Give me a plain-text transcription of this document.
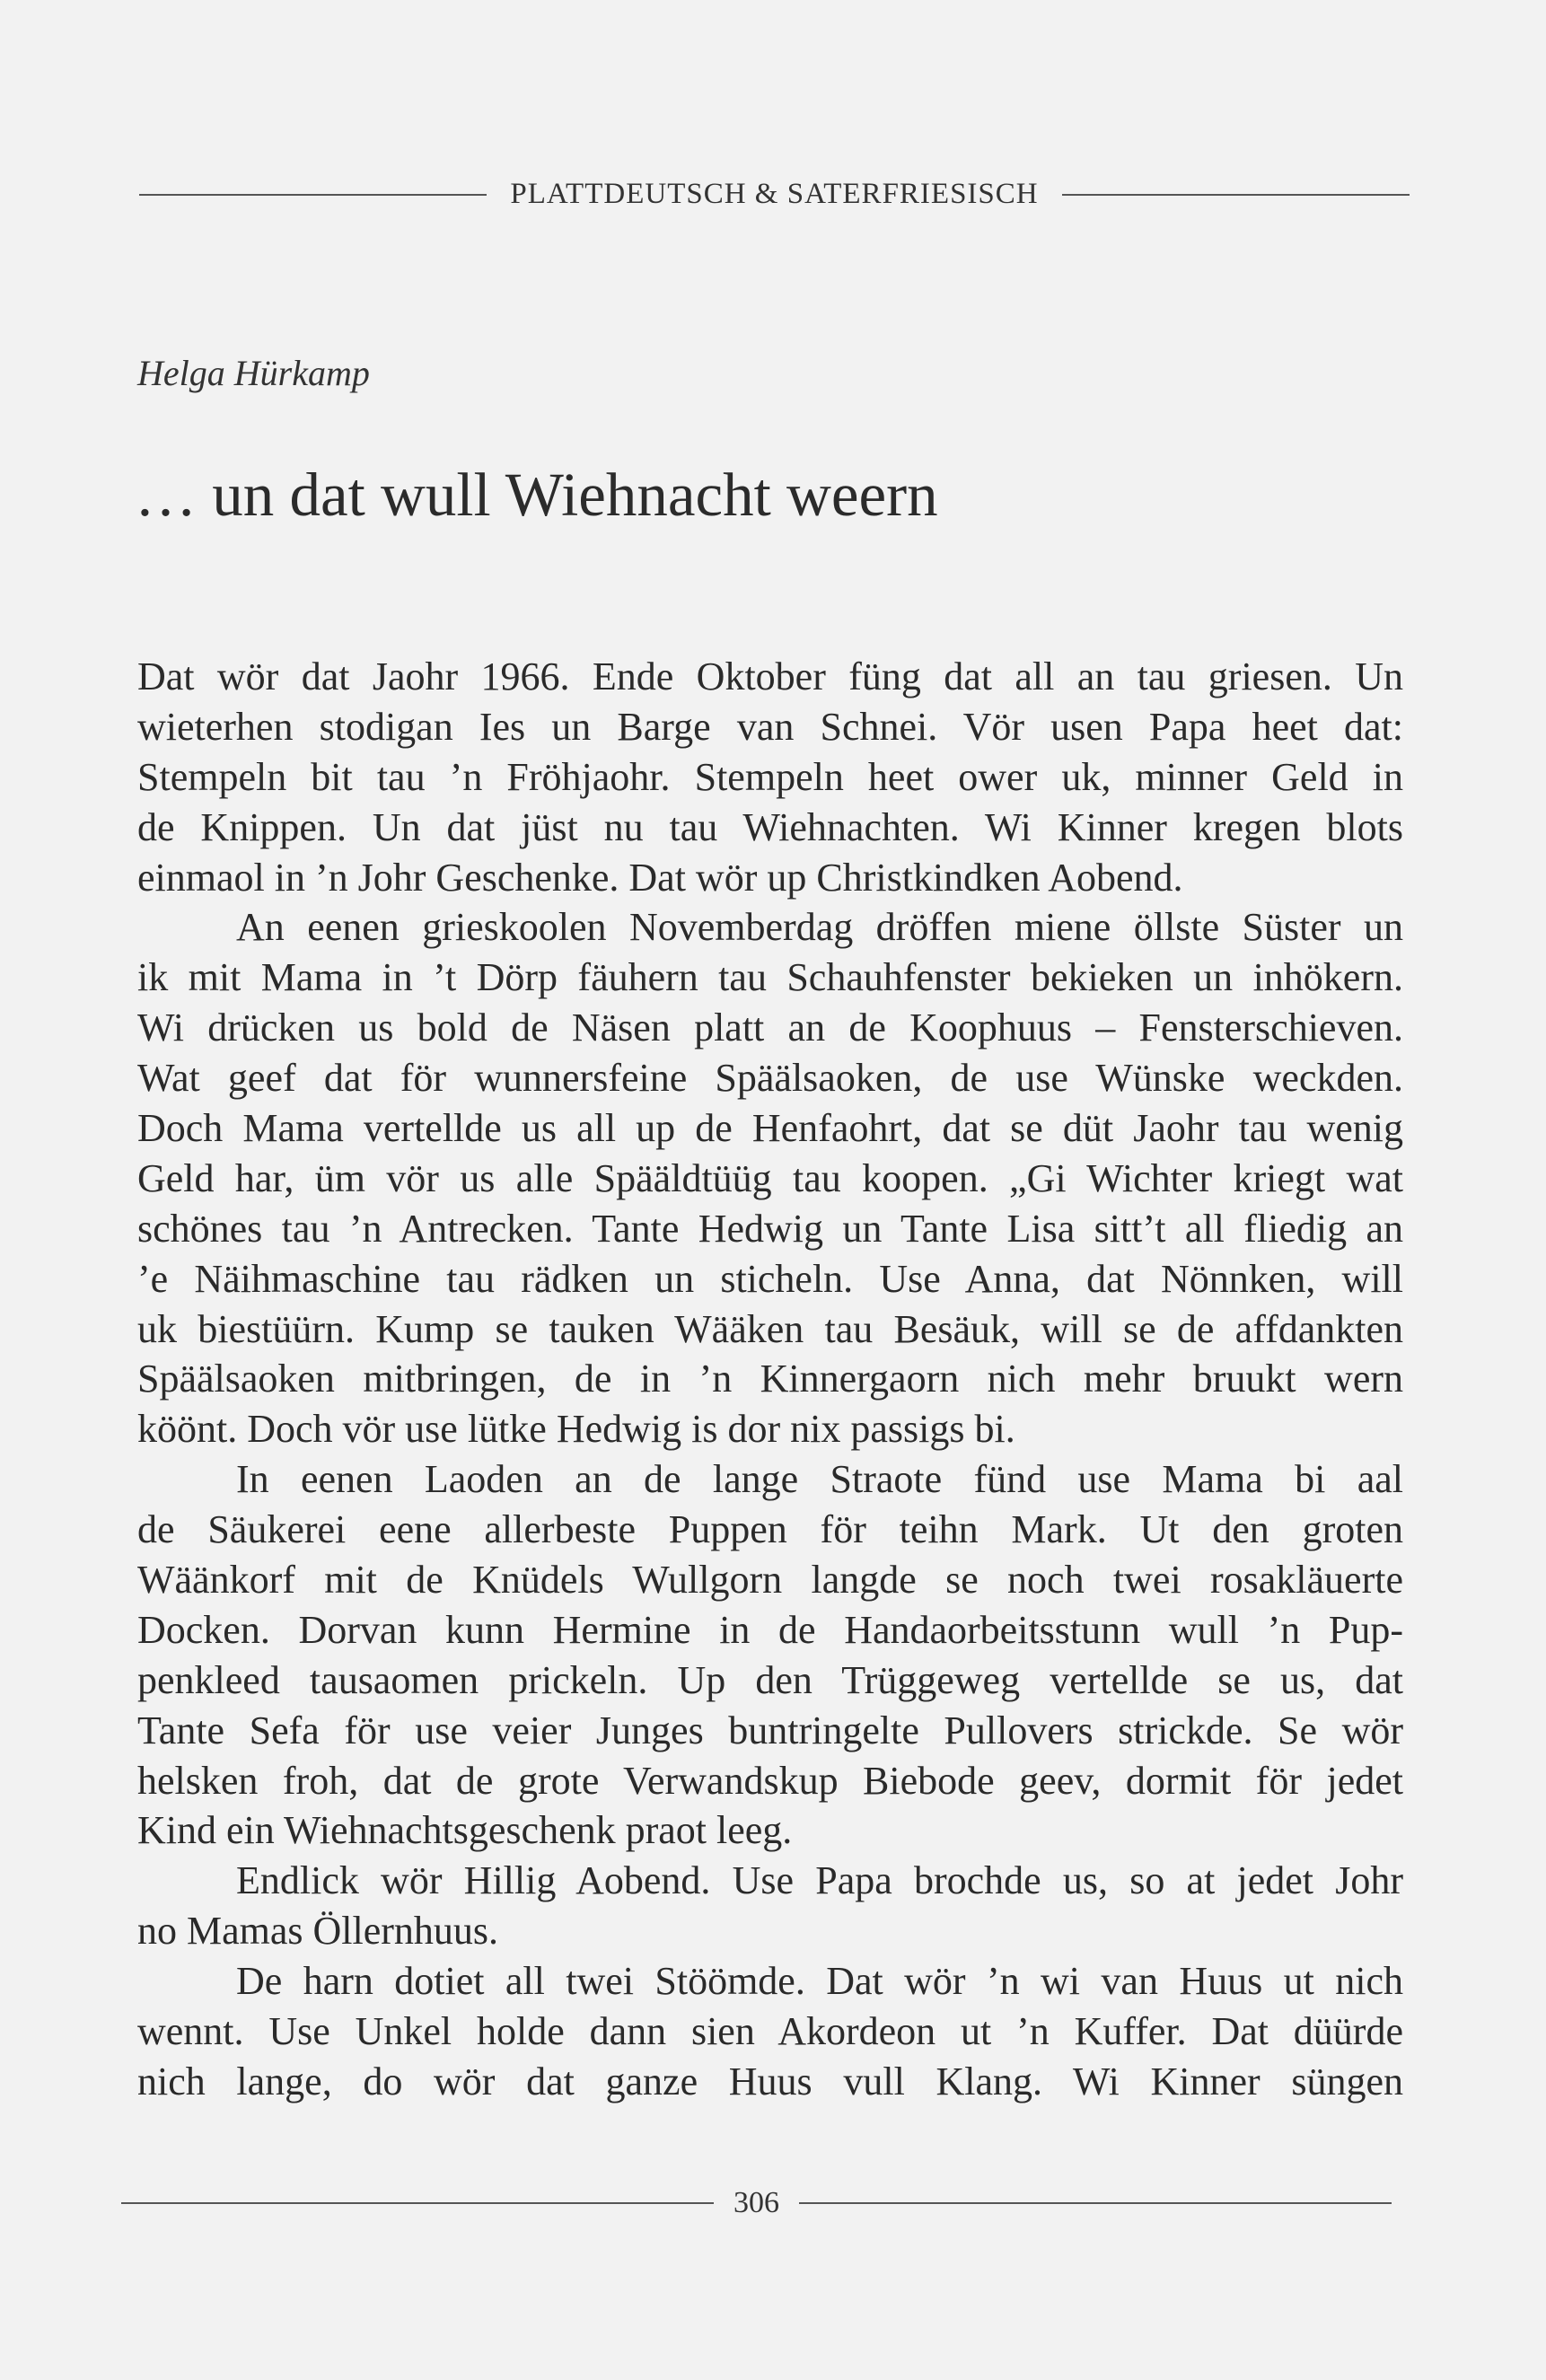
PLATTDEUTSCH & SATERFRIESISCH
Helga Hürkamp
… un dat wull Wiehnacht weern
Dat wör dat Jaohr 1966. Ende Oktober füng dat all an tau griesen. Un
wieterhen stodigan Ies un Barge van Schnei. Vör usen Papa heet dat:
Stempeln bit tau ’n Fröhjaohr. Stempeln heet ower uk, minner Geld in
de Knippen. Un dat jüst nu tau Wiehnachten. Wi Kinner kregen blots
einmaol in ’n Johr Geschenke. Dat wör up Christkindken Aobend.
An eenen grieskoolen Novemberdag dröffen miene öllste Süster un
ik mit Mama in ’t Dörp fäuhern tau Schauhfenster bekieken un inhökern.
Wi drücken us bold de Näsen platt an de Koophuus – Fensterschieven.
Wat geef dat för wunnersfeine Späälsaoken, de use Wünske weckden.
Doch Mama vertellde us all up de Henfaohrt, dat se düt Jaohr tau wenig
Geld har, üm vör us alle Spääldtüüg tau koopen. „Gi Wichter kriegt wat
schönes tau ’n Antrecken. Tante Hedwig un Tante Lisa sitt’t all fliedig an
’e Näihmaschine tau rädken un sticheln. Use Anna, dat Nönnken, will
uk biestüürn. Kump se tauken Wääken tau Besäuk, will se de affdankten
Späälsaoken mitbringen, de in ’n Kinnergaorn nich mehr bruukt wern
köönt. Doch vör use lütke Hedwig is dor nix passigs bi.
In eenen Laoden an de lange Straote fünd use Mama bi aal
de Säukerei eene allerbeste Puppen för teihn Mark. Ut den groten
Wäänkorf mit de Knüdels Wullgorn langde se noch twei rosakläuerte
Docken. Dorvan kunn Hermine in de Handaorbeitsstunn wull ’n Pup-
penkleed tausaomen prickeln. Up den Trüggeweg vertellde se us, dat
Tante Sefa för use veier Junges buntringelte Pullovers strickde. Se wör
helsken froh, dat de grote Verwandskup Biebode geev, dormit för jedet
Kind ein Wiehnachtsgeschenk praot leeg.
Endlick wör Hillig Aobend. Use Papa brochde us, so at jedet Johr
no Mamas Öllernhuus.
De harn dotiet all twei Stöömde. Dat wör ’n wi van Huus ut nich
wennt. Use Unkel holde dann sien Akordeon ut ’n Kuffer. Dat düürde
nich lange, do wör dat ganze Huus vull Klang. Wi Kinner süngen
306
